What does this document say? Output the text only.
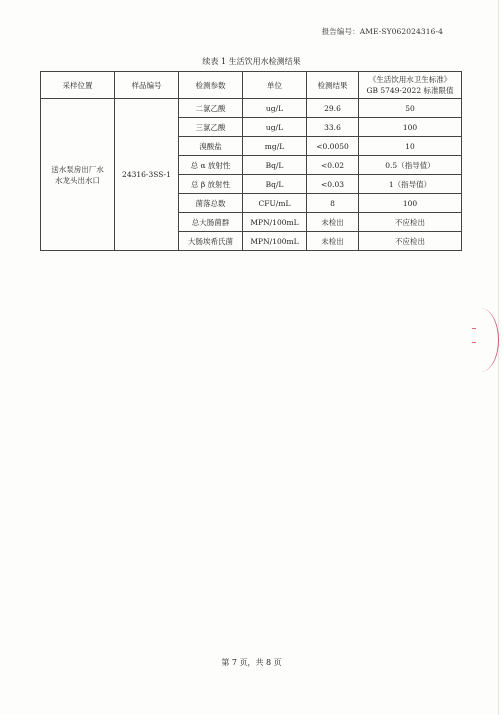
报告编号：AME-SY062024316-4
续表 1 生活饮用水检测结果
采样位置	样品编号	检测参数	单位	检测结果	《生活饮用水卫生标准》
GB 5749-2022 标准限值

送水泵房出厂水
水龙头出水口	24316-3SS-1	二氯乙酸	ug/L	29.6	50
		三氯乙酸	ug/L	33.6	100
		溴酸盐	mg/L	<0.0050	10
		总 α 放射性	Bq/L	<0.02	0.5（指导值）
		总 β 放射性	Bq/L	<0.03	1（指导值）
		菌落总数	CFU/mL	8	100
		总大肠菌群	MPN/100mL	未检出	不应检出
		大肠埃希氏菌	MPN/100mL	未检出	不应检出
第 7 页，共 8 页
